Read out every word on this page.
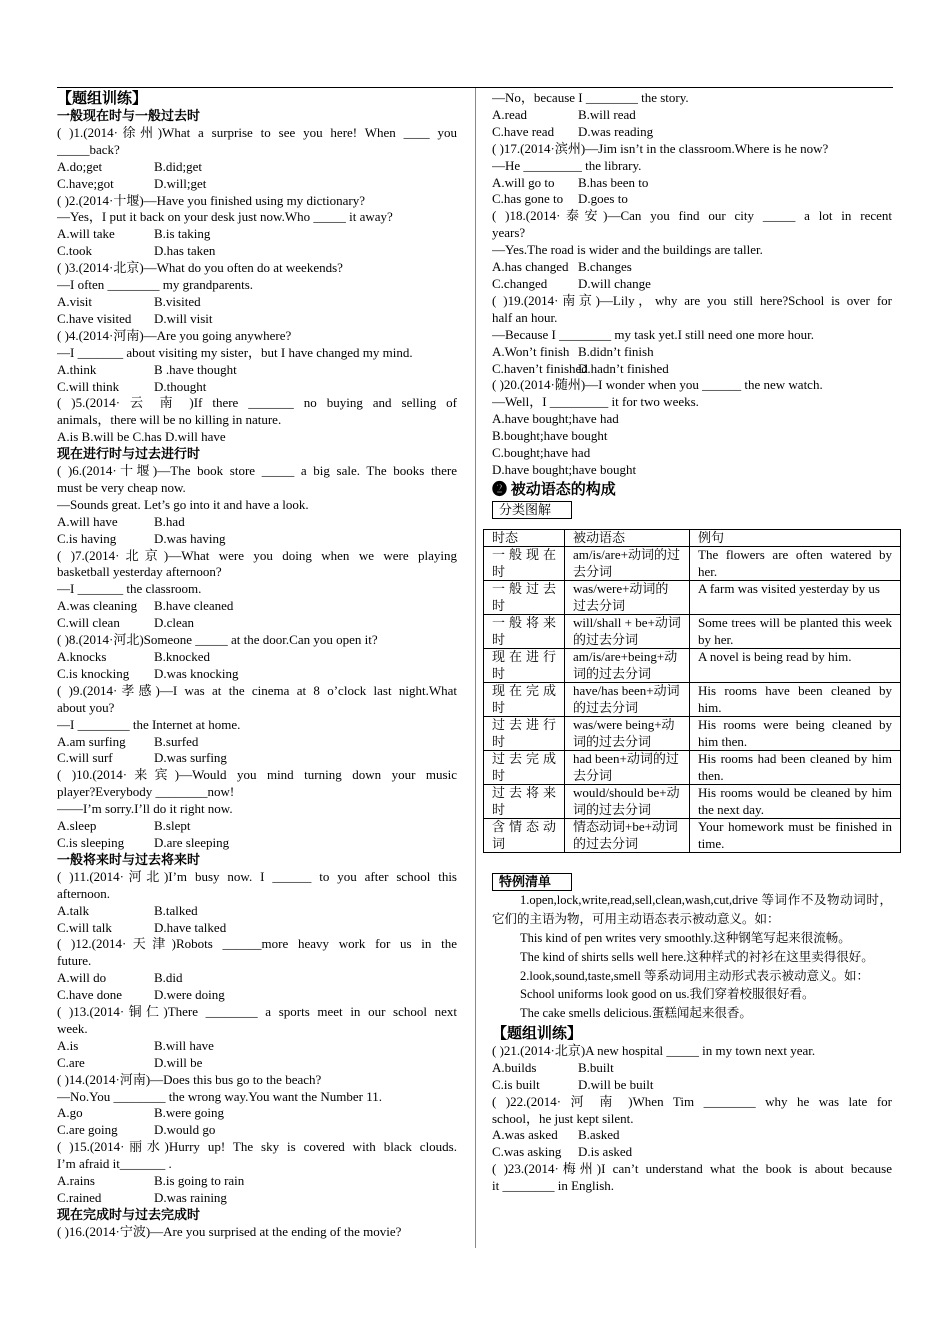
【题组训练】
一般现在时与一般过去时
( )1.(2014·徐州)What a surprise to see you here! When ____ you
_____back?
A.do;get	B.did;get
C.have;got	D.will;get
( )2.(2014·十堰)—Have you finished using my dictionary?
—Yes，I put it back on your desk just now.Who _____ it away?
A.will take	B.is taking
C.took	D.has taken
( )3.(2014·北京)—What do you often do at weekends?
—I often ________ my grandparents.
A.visit	B.visited
C.have visited D.will visit
( )4.(2014·河南)—Are you going anywhere?
—I _______ about visiting my sister，but I have changed my mind.
A.think	B .have thought
C.will think	D.thought
( )5.(2014· 云 南 )If there _______ no buying and selling of
animals，there will be no killing in nature.
A.is B.will be C.has D.will have
现在进行时与过去进行时
( )6.(2014·十堰)—The book store _____ a big sale. The books there
must be very cheap now.
—Sounds great. Let’s go into it and have a look.
A.will have	B.had
C.is having	D.was having
( )7.(2014·北京)—What were you doing when we were playing
basketball yesterday afternoon?
—I _______ the classroom.
A.was cleaning B.have cleaned
C.will clean	D.clean
( )8.(2014·河北)Someone _____ at the door.Can you open it?
A.knocks	B.knocked
C.is knocking D.was knocking
( )9.(2014·孝感)—I was at the cinema at 8 o’clock last night.What
about you?
—I ________ the Internet at home.
A.am surfing B.surfed
C.will surf	D.was surfing
( )10.(2014·来宾)—Would you mind turning down your music
player?Everybody ________now!
——I’m sorry.I’ll do it right now.
A.sleep	B.slept
C.is sleeping D.are sleeping
一般将来时与过去将来时
( )11.(2014·河北)I’m busy now. I ______ to you after school this
afternoon.
A.talk	B.talked
C.will talk	D.have talked
( )12.(2014·天津)Robots ______more heavy work for us in the
future.
A.will do	B.did
C.have done D.were doing
( )13.(2014·铜仁)There ________ a sports meet in our school next
week.
A.is	B.will have
C.are	D.will be
( )14.(2014·河南)—Does this bus go to the beach?
—No.You ________ the wrong way.You want the Number 11.
A.go	B.were going
C.are going	D.would go
( )15.(2014·丽水)Hurry up! The sky is covered with black clouds.
I’m afraid it_______ .
A.rains	B.is going to rain
C.rained	D.was raining
现在完成时与过去完成时
( )16.(2014·宁波)—Are you surprised at the ending of the movie?
—No，because I ________ the story.
A.read	B.will read
C.have read D.was reading
( )17.(2014·滨州)—Jim isn’t in the classroom.Where is he now?
—He _________ the library.
A.will go to B.has been to
C.has gone to D.goes to
( )18.(2014·泰安)—Can you find our city _____ a lot in recent
years?
—Yes.The road is wider and the buildings are taller.
A.has changed B.changes
C.changed D.will change
( )19.(2014·南京)—Lily，why are you still here?School is over for
half an hour.
—Because I ________ my task yet.I still need one more hour.
A.Won’t finish B.didn’t finish
C.haven’t finishedD.hadn’t finished
( )20.(2014·随州)—I wonder when you ______ the new watch.
—Well，I _________ it for two weeks.
A.have bought;have had
B.bought;have bought
C.bought;have had
D.have bought;have bought
❷ 被动语态的构成
分类图解
时态	被动语态	例句
一 般 现 在 时	am/is/are+动词的过去分词	The flowers are often watered by her.
一 般 过 去 时	was/were+动词的过去分词	A farm was visited yesterday by us
一 般 将 来 时	will/shall + be+动词的过去分词	Some trees will be planted this week by her.
现 在 进 行 时	am/is/are+being+动词的过去分词	A novel is being read by him.
现 在 完 成 时	have/has been+动词的过去分词	His rooms have been cleaned by him.
过 去 进 行 时	was/were being+动词的过去分词	His rooms were being cleaned by him then.
过 去 完 成 时	had been+动词的过去分词	His rooms had been cleaned by him then.
过 去 将 来 时	would/should be+动词的过去分词	His rooms would be cleaned by him the next day.
含 情 态 动 词	情态动词+be+动词的过去分词	Your homework must be finished in time.
特例清单
1.open,lock,write,read,sell,clean,wash,cut,drive 等词作不及物动词时，它们的主语为物，可用主动语态表示被动意义。如：
This kind of pen writes very smoothly.这种钢笔写起来很流畅。
The kind of shirts sells well here.这种样式的衬衫在这里卖得很好。
2.look,sound,taste,smell 等系动词用主动形式表示被动意义。如：
School uniforms look good on us.我们穿着校服很好看。
The cake smells delicious.蛋糕闻起来很香。
【题组训练】
( )21.(2014·北京)A new hospital _____ in my town next year.
A.builds	B.built
C.is built	D.will be built
( )22.(2014· 河 南 )When Tim ________ why he was late for
school，he just kept silent.
A.was asked B.asked
C.was asking D.is asked
( )23.(2014·梅州)I can’t understand what the book is about because
it ________ in English.
